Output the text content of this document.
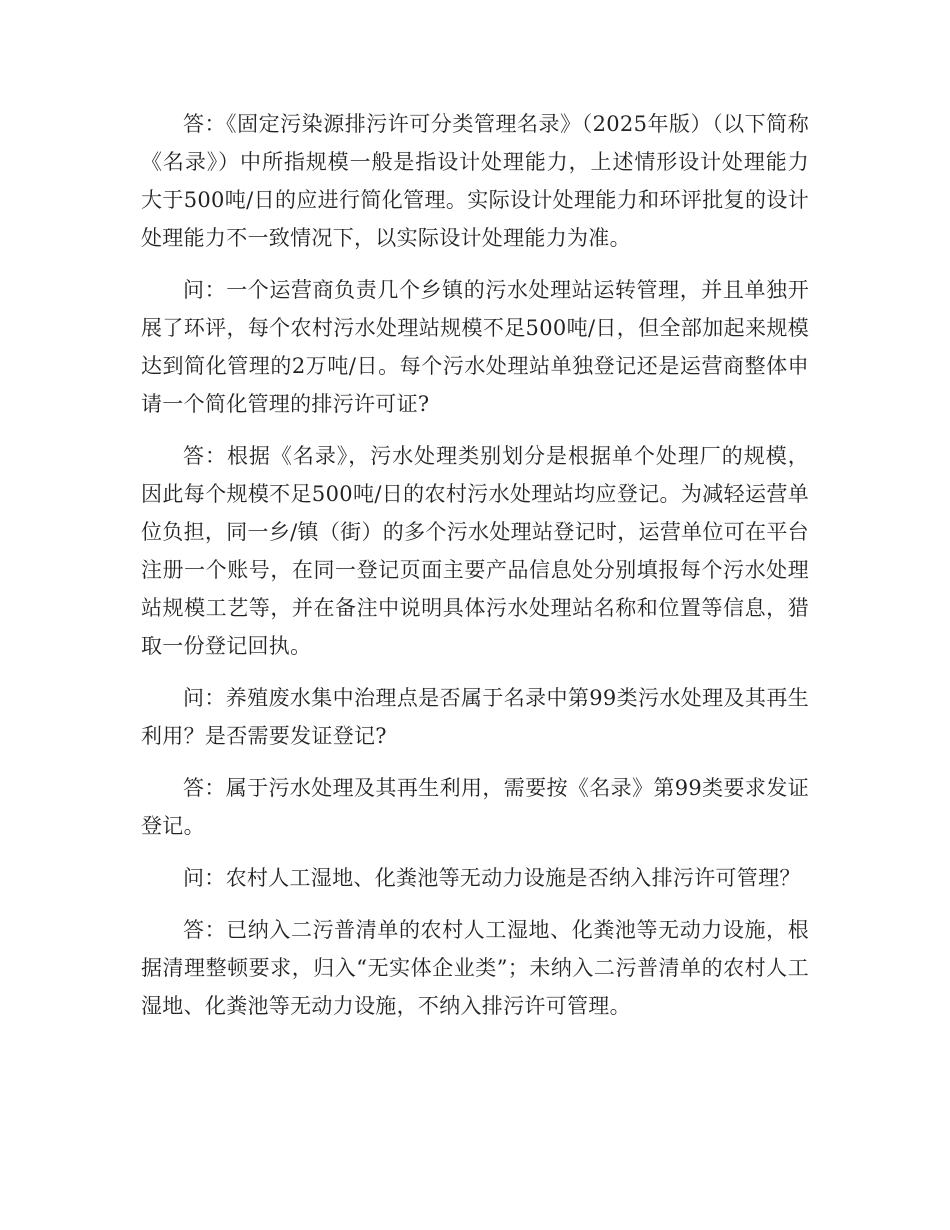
答：《固定污染源排污许可分类管理名录》（2025年版）（以下简称《名录》）中所指规模一般是指设计处理能力，上述情形设计处理能力大于500吨/日的应进行简化管理。实际设计处理能力和环评批复的设计处理能力不一致情况下，以实际设计处理能力为准。

问：一个运营商负责几个乡镇的污水处理站运转管理，并且单独开展了环评，每个农村污水处理站规模不足500吨/日，但全部加起来规模达到简化管理的2万吨/日。每个污水处理站单独登记还是运营商整体申请一个简化管理的排污许可证?

答：根据《名录》，污水处理类别划分是根据单个处理厂的规模，因此每个规模不足500吨/日的农村污水处理站均应登记。为减轻运营单位负担，同一乡/镇（街）的多个污水处理站登记时，运营单位可在平台注册一个账号，在同一登记页面主要产品信息处分别填报每个污水处理站规模工艺等，并在备注中说明具体污水处理站名称和位置等信息，猎取一份登记回执。

问：养殖废水集中治理点是否属于名录中第99类污水处理及其再生利用？是否需要发证登记?

答：属于污水处理及其再生利用，需要按《名录》第99类要求发证登记。

问：农村人工湿地、化粪池等无动力设施是否纳入排污许可管理？

答：已纳入二污普清单的农村人工湿地、化粪池等无动力设施，根据清理整顿要求，归入“无实体企业类”；未纳入二污普清单的农村人工湿地、化粪池等无动力设施，不纳入排污许可管理。
